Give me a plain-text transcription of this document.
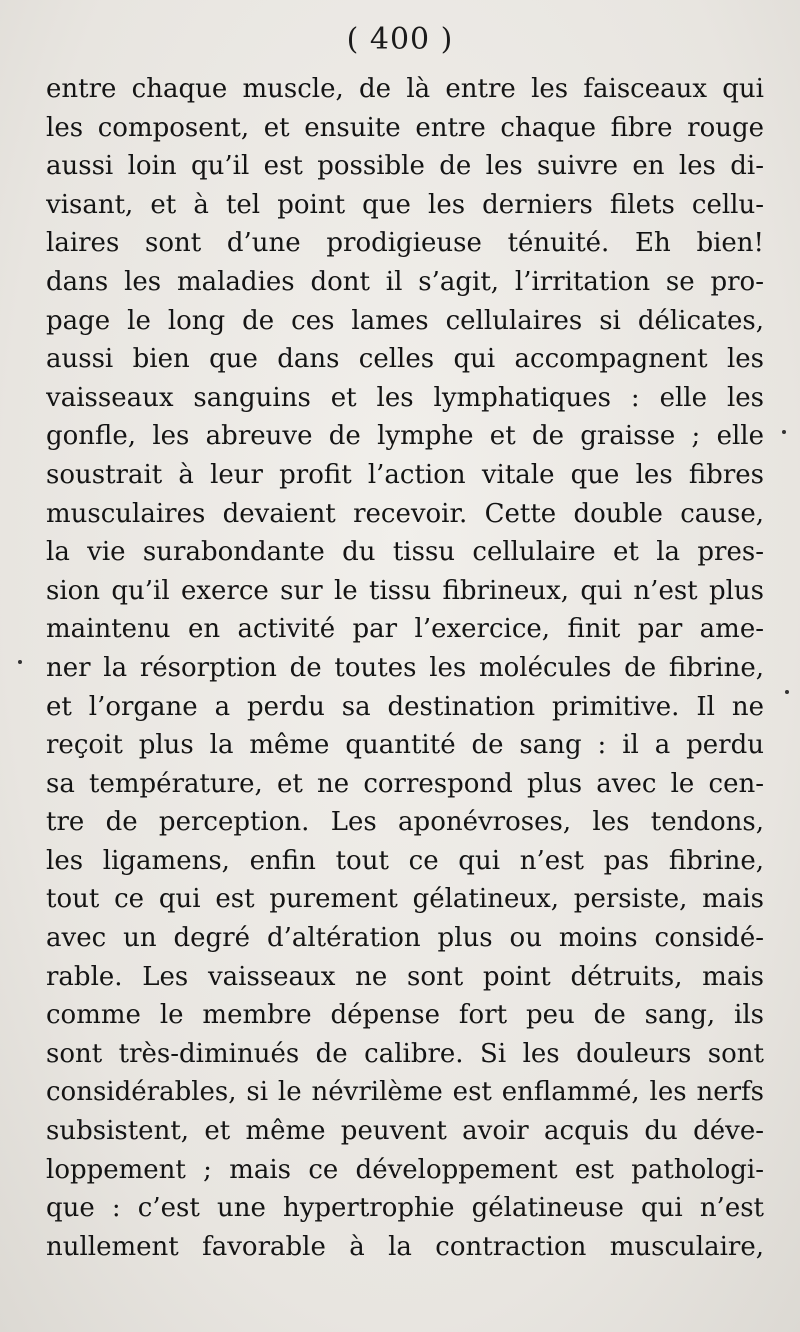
( 400 )

entre chaque muscle, de là entre les faisceaux qui
les composent, et ensuite entre chaque fibre rouge
aussi loin qu’il est possible de les suivre en les di-
visant, et à tel point que les derniers filets cellu-
laires sont d’une prodigieuse ténuité. Eh bien!
dans les maladies dont il s’agit, l’irritation se pro-
page le long de ces lames cellulaires si délicates,
aussi bien que dans celles qui accompagnent les
vaisseaux sanguins et les lymphatiques : elle les
gonfle, les abreuve de lymphe et de graisse ; elle
soustrait à leur profit l’action vitale que les fibres
musculaires devaient recevoir. Cette double cause,
la vie surabondante du tissu cellulaire et la pres-
sion qu’il exerce sur le tissu fibrineux, qui n’est plus
maintenu en activité par l’exercice, finit par ame-
ner la résorption de toutes les molécules de fibrine,
et l’organe a perdu sa destination primitive. Il ne
reçoit plus la même quantité de sang : il a perdu
sa température, et ne correspond plus avec le cen-
tre de perception. Les aponévroses, les tendons,
les ligamens, enfin tout ce qui n’est pas fibrine,
tout ce qui est purement gélatineux, persiste, mais
avec un degré d’altération plus ou moins considé-
rable. Les vaisseaux ne sont point détruits, mais
comme le membre dépense fort peu de sang, ils
sont très-diminués de calibre. Si les douleurs sont
considérables, si le névrilème est enflammé, les nerfs
subsistent, et même peuvent avoir acquis du déve-
loppement ; mais ce développement est pathologi-
que : c’est une hypertrophie gélatineuse qui n’est
nullement favorable à la contraction musculaire,
